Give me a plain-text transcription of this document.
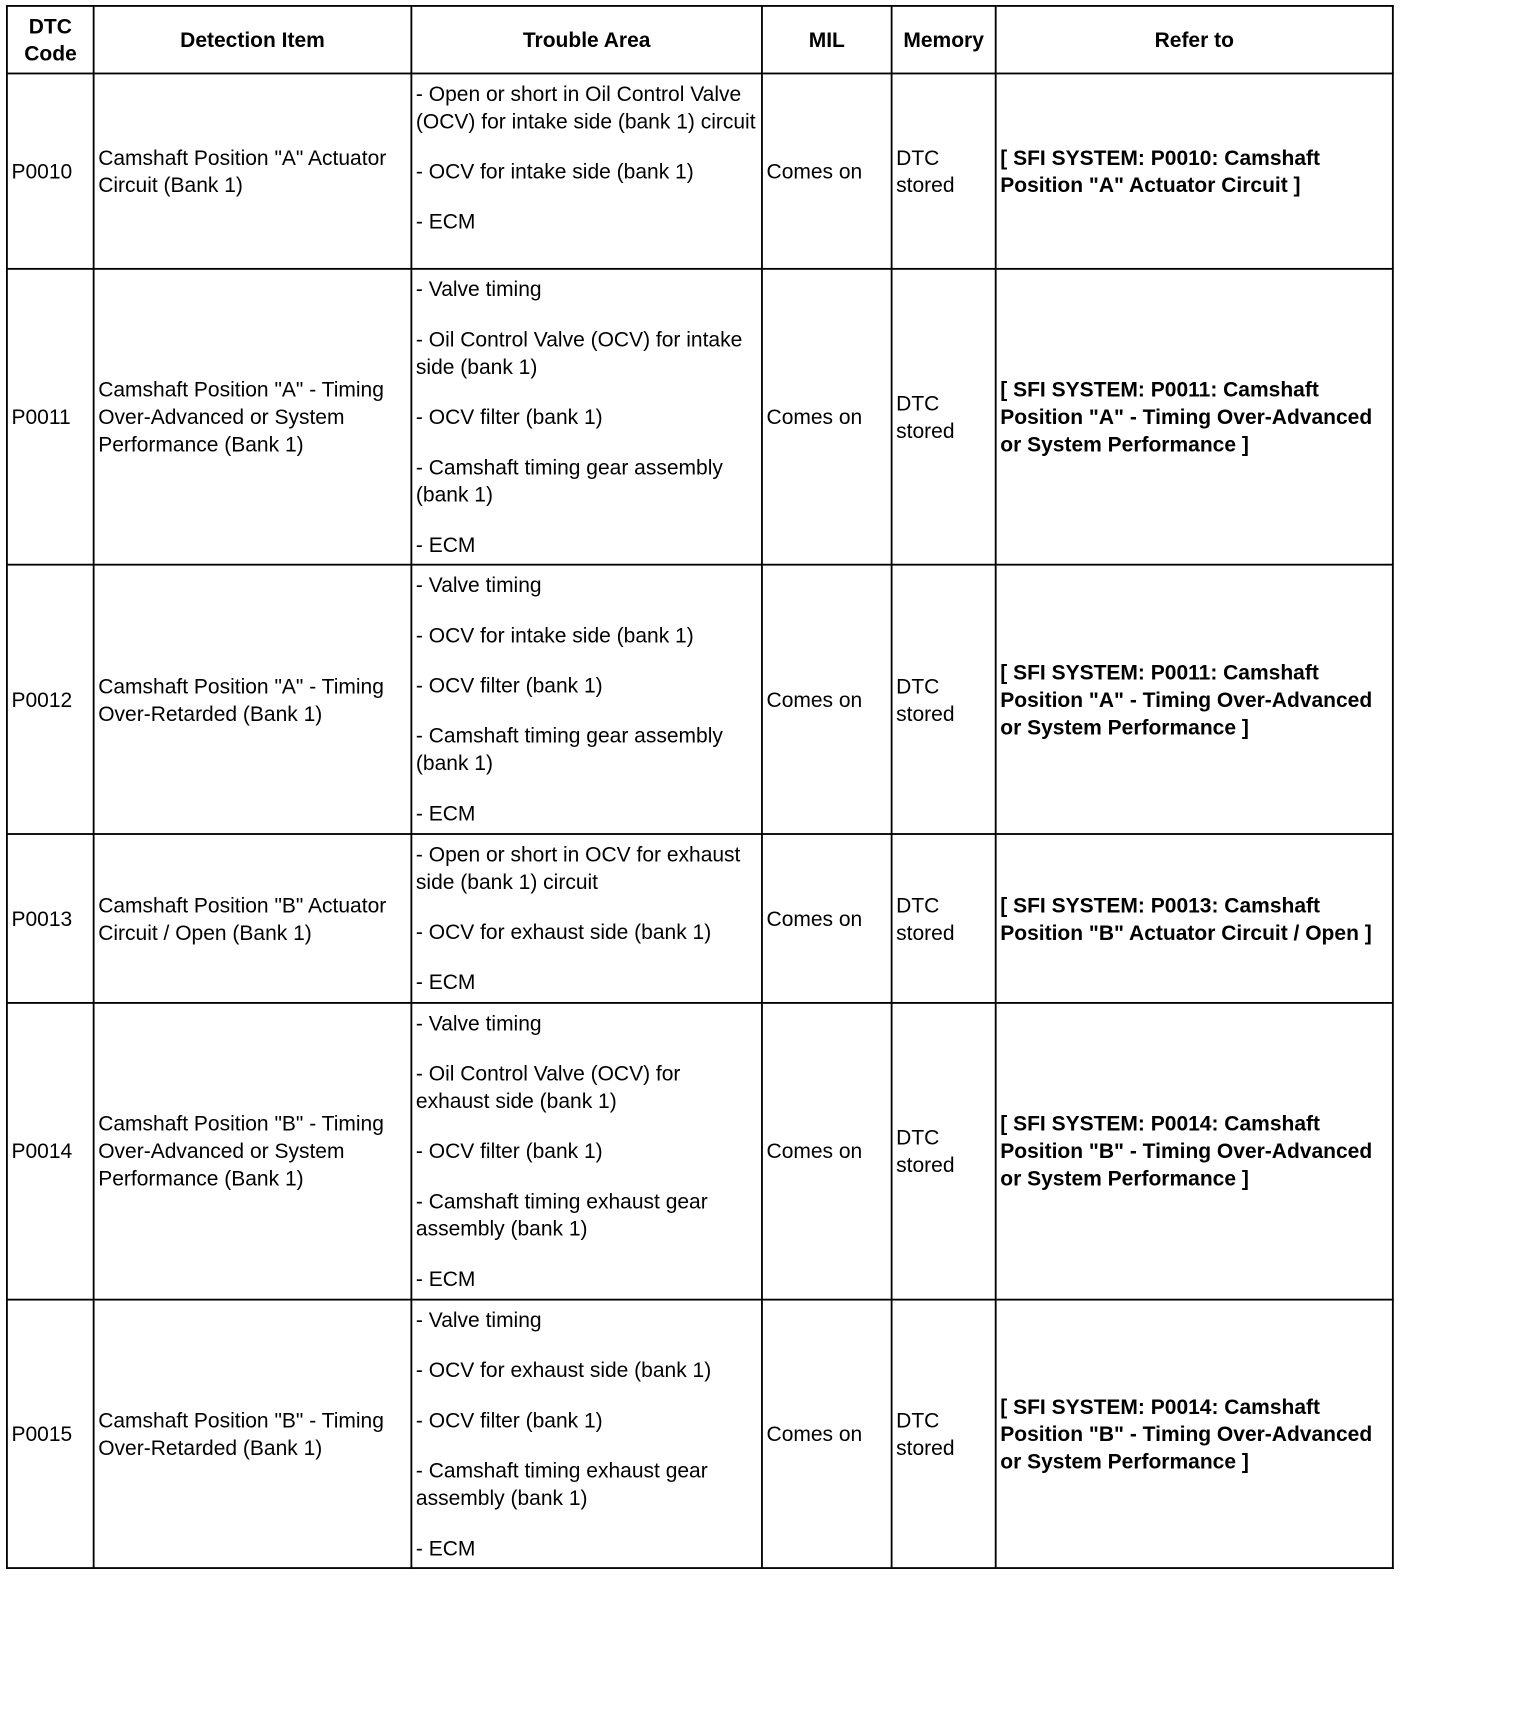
DTC Code	Detection Item	Trouble Area	MIL	Memory	Refer to
P0010	Camshaft Position "A" Actuator Circuit (Bank 1)	- Open or short in Oil Control Valve (OCV) for intake side (bank 1) circuit
- OCV for intake side (bank 1)
- ECM	Comes on	DTC stored	[ SFI SYSTEM: P0010: Camshaft Position "A" Actuator Circuit ]
P0011	Camshaft Position "A" - Timing Over-Advanced or System Performance (Bank 1)	- Valve timing
- Oil Control Valve (OCV) for intake side (bank 1)
- OCV filter (bank 1)
- Camshaft timing gear assembly (bank 1)
- ECM	Comes on	DTC stored	[ SFI SYSTEM: P0011: Camshaft Position "A" - Timing Over-Advanced or System Performance ]
P0012	Camshaft Position "A" - Timing Over-Retarded (Bank 1)	- Valve timing
- OCV for intake side (bank 1)
- OCV filter (bank 1)
- Camshaft timing gear assembly (bank 1)
- ECM	Comes on	DTC stored	[ SFI SYSTEM: P0011: Camshaft Position "A" - Timing Over-Advanced or System Performance ]
P0013	Camshaft Position "B" Actuator Circuit / Open (Bank 1)	- Open or short in OCV for exhaust side (bank 1) circuit
- OCV for exhaust side (bank 1)
- ECM	Comes on	DTC stored	[ SFI SYSTEM: P0013: Camshaft Position "B" Actuator Circuit / Open ]
P0014	Camshaft Position "B" - Timing Over-Advanced or System Performance (Bank 1)	- Valve timing
- Oil Control Valve (OCV) for exhaust side (bank 1)
- OCV filter (bank 1)
- Camshaft timing exhaust gear assembly (bank 1)
- ECM	Comes on	DTC stored	[ SFI SYSTEM: P0014: Camshaft Position "B" - Timing Over-Advanced or System Performance ]
P0015	Camshaft Position "B" - Timing Over-Retarded (Bank 1)	- Valve timing
- OCV for exhaust side (bank 1)
- OCV filter (bank 1)
- Camshaft timing exhaust gear assembly (bank 1)
- ECM	Comes on	DTC stored	[ SFI SYSTEM: P0014: Camshaft Position "B" - Timing Over-Advanced or System Performance ]
